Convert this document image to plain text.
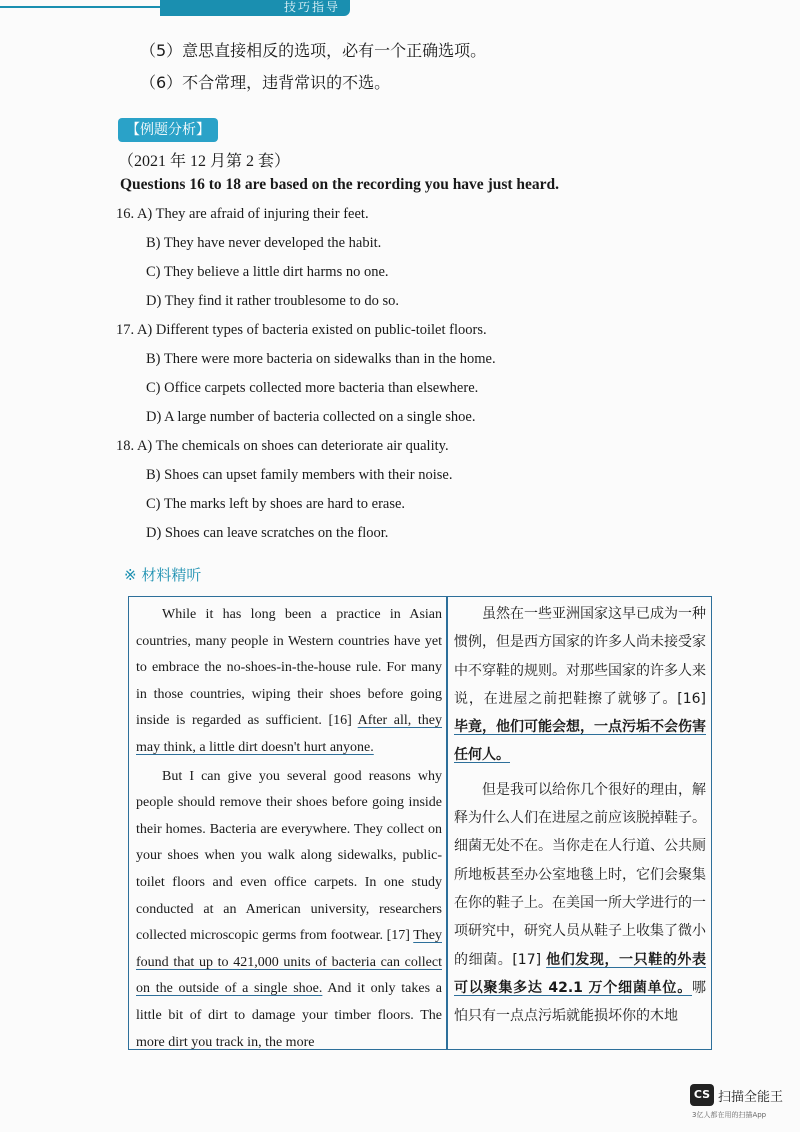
技巧指导
（5）意思直接相反的选项，必有一个正确选项。
（6）不合常理，违背常识的不选。
【例题分析】
（2021 年 12 月第 2 套）
Questions 16 to 18 are based on the recording you have just heard.
16. A) They are afraid of injuring their feet.
B) They have never developed the habit.
C) They believe a little dirt harms no one.
D) They find it rather troublesome to do so.
17. A) Different types of bacteria existed on public-toilet floors.
B) There were more bacteria on sidewalks than in the home.
C) Office carpets collected more bacteria than elsewhere.
D) A large number of bacteria collected on a single shoe.
18. A) The chemicals on shoes can deteriorate air quality.
B) Shoes can upset family members with their noise.
C) The marks left by shoes are hard to erase.
D) Shoes can leave scratches on the floor.
※ 材料精听

While it has long been a practice in Asian countries, many people in Western countries have yet to embrace the no-shoes-in-the-house rule. For many in those countries, wiping their shoes before going inside is regarded as sufficient. [16] After all, they may think, a little dirt doesn't hurt anyone.

But I can give you several good reasons why people should remove their shoes before going inside their homes. Bacteria are everywhere. They collect on your shoes when you walk along sidewalks, public-toilet floors and even office carpets. In one study conducted at an American university, researchers collected microscopic germs from footwear. [17] They found that up to 421,000 units of bacteria can collect on the outside of a single shoe. And it only takes a little bit of dirt to damage your timber floors. The more dirt you track in, the more

虽然在一些亚洲国家这早已成为一种惯例，但是西方国家的许多人尚未接受家中不穿鞋的规则。对那些国家的许多人来说，在进屋之前把鞋擦了就够了。[16] 毕竟，他们可能会想，一点污垢不会伤害任何人。

但是我可以给你几个很好的理由，解释为什么人们在进屋之前应该脱掉鞋子。细菌无处不在。当你走在人行道、公共厕所地板甚至办公室地毯上时，它们会聚集在你的鞋子上。在美国一所大学进行的一项研究中，研究人员从鞋子上收集了微小的细菌。[17] 他们发现，一只鞋的外表可以聚集多达 42.1 万个细菌单位。哪怕只有一点点污垢就能损坏你的木地

CS 扫描全能王
3亿人都在用的扫描App
